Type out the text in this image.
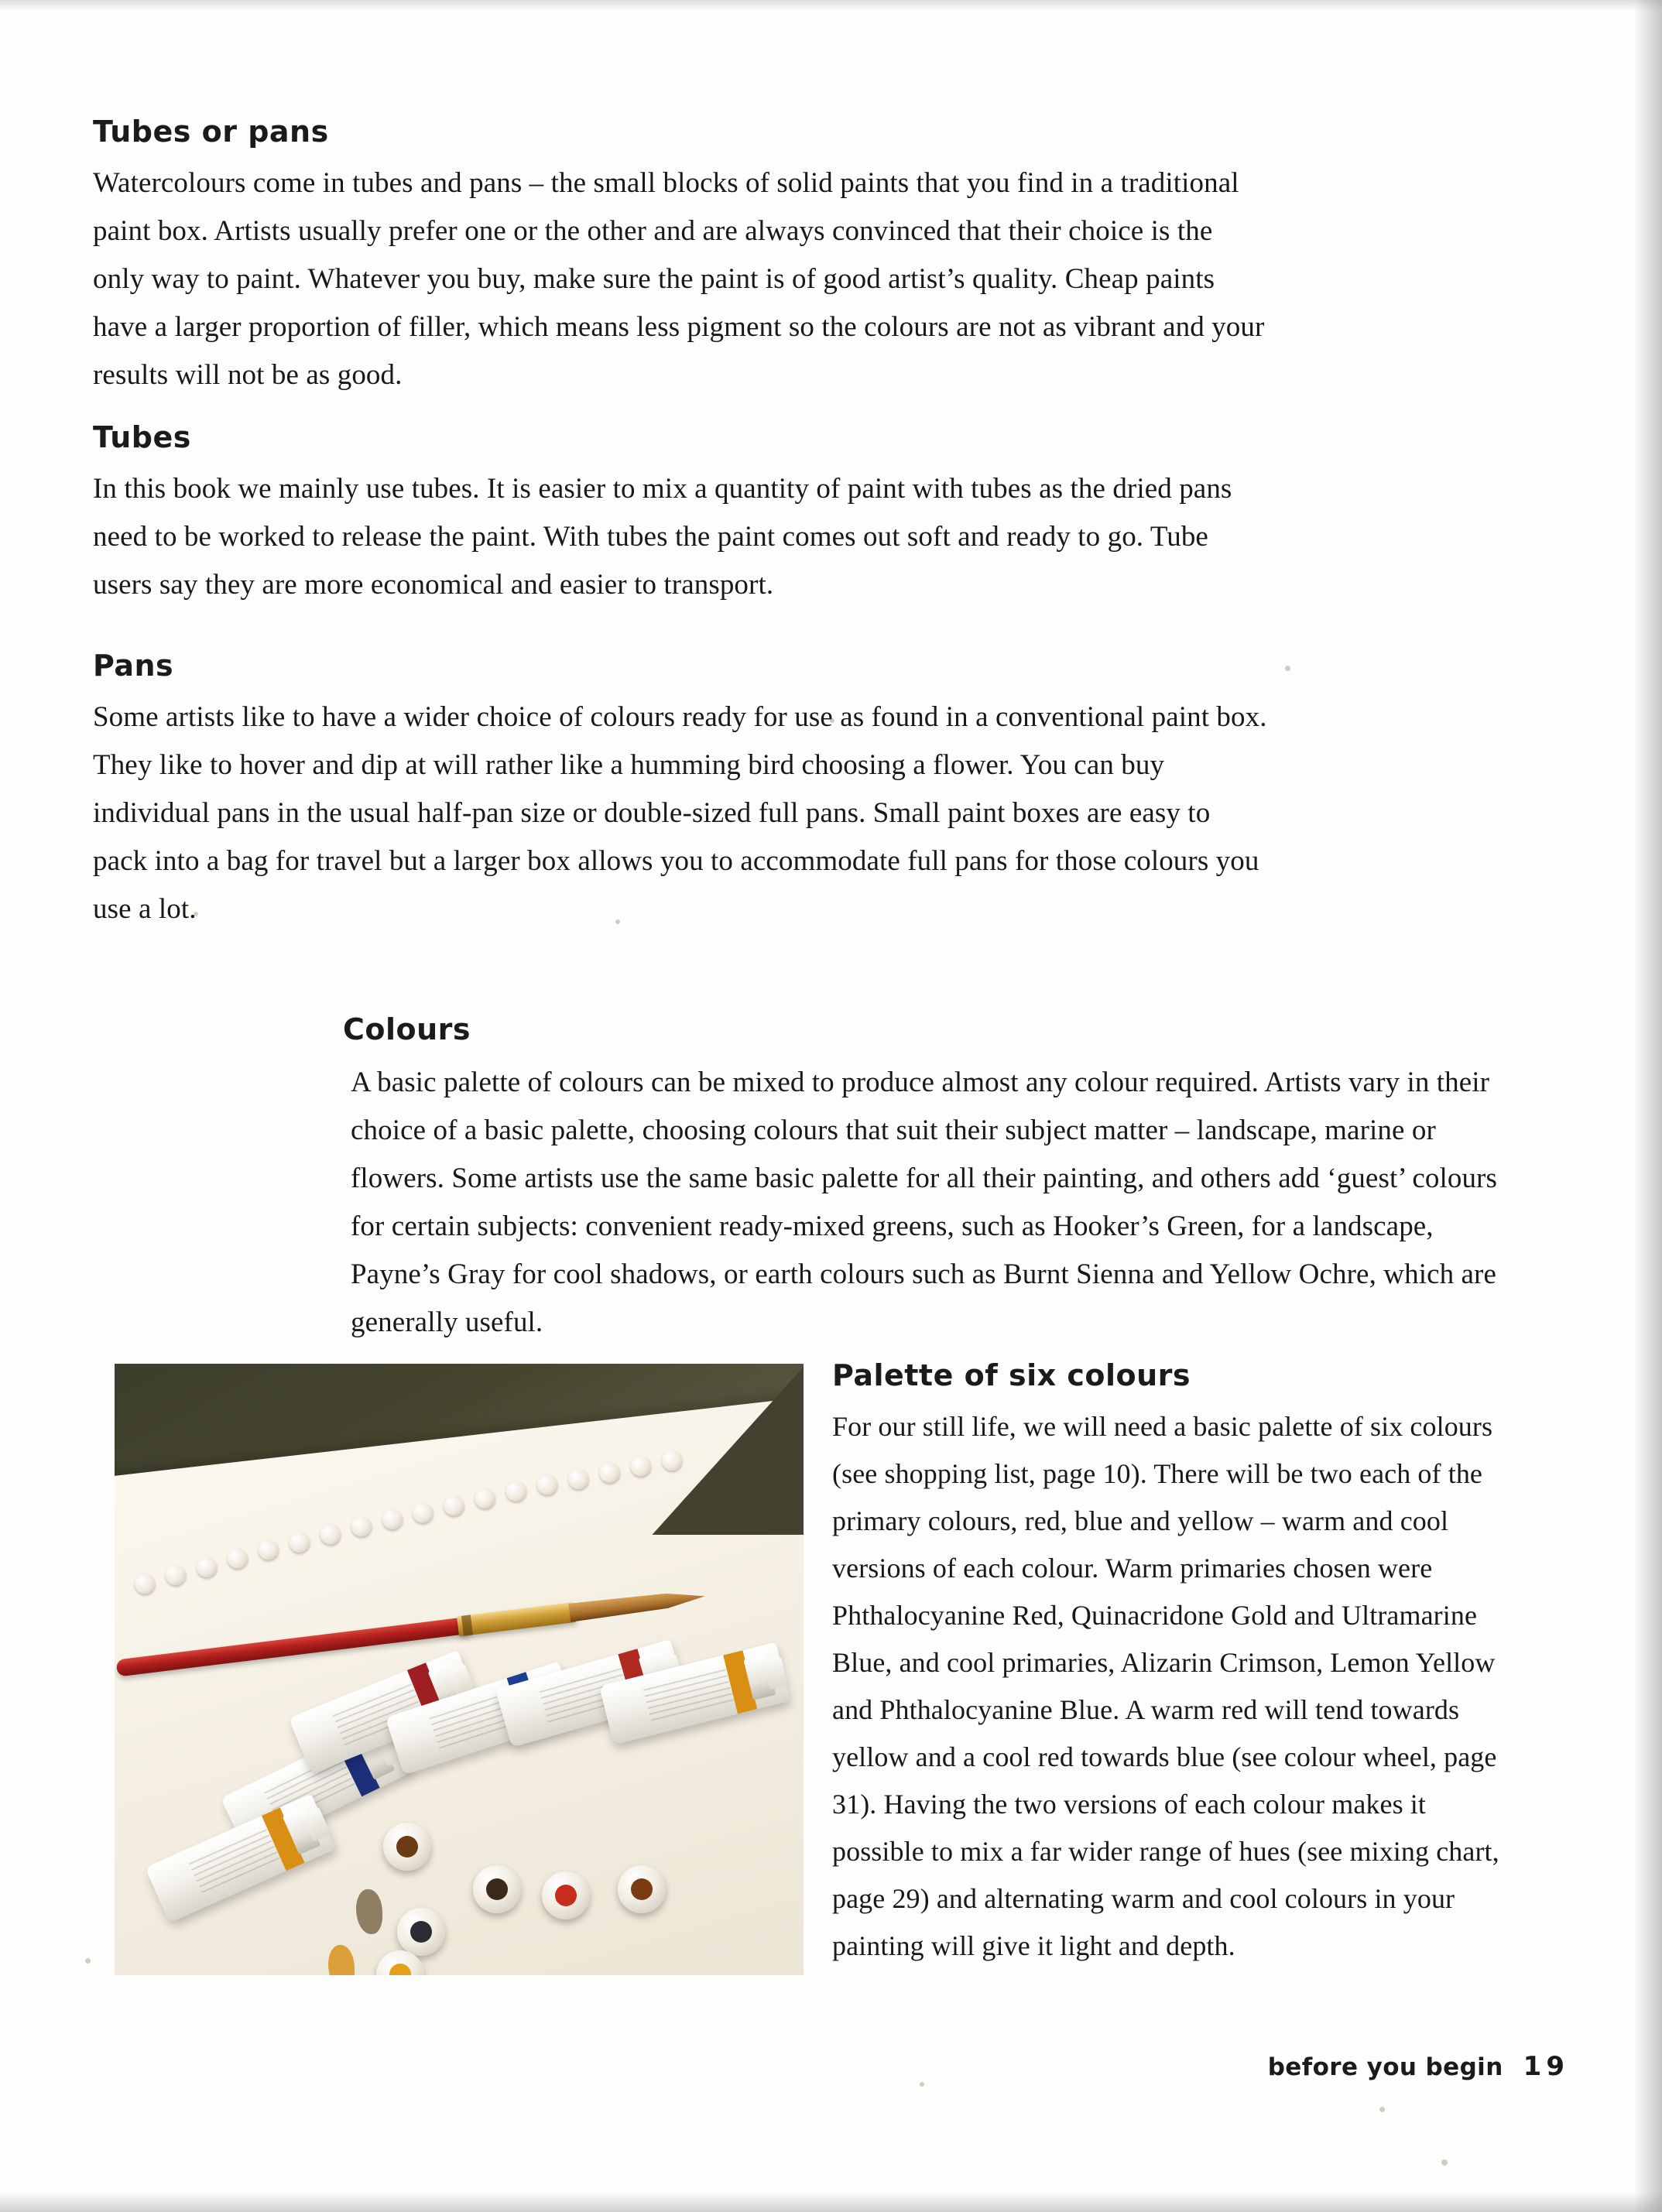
Tubes or pans

Watercolours come in tubes and pans – the small blocks of solid paints that you find in a traditional paint box. Artists usually prefer one or the other and are always convinced that their choice is the only way to paint. Whatever you buy, make sure the paint is of good artist’s quality. Cheap paints have a larger proportion of filler, which means less pigment so the colours are not as vibrant and your results will not be as good.

Tubes

In this book we mainly use tubes. It is easier to mix a quantity of paint with tubes as the dried pans need to be worked to release the paint. With tubes the paint comes out soft and ready to go. Tube users say they are more economical and easier to transport.

Pans

Some artists like to have a wider choice of colours ready for use as found in a conventional paint box. They like to hover and dip at will rather like a humming bird choosing a flower. You can buy individual pans in the usual half-pan size or double-sized full pans. Small paint boxes are easy to pack into a bag for travel but a larger box allows you to accommodate full pans for those colours you use a lot.

Colours

A basic palette of colours can be mixed to produce almost any colour required. Artists vary in their choice of a basic palette, choosing colours that suit their subject matter – landscape, marine or flowers. Some artists use the same basic palette for all their painting, and others add ‘guest’ colours for certain subjects: convenient ready-mixed greens, such as Hooker’s Green, for a landscape, Payne’s Gray for cool shadows, or earth colours such as Burnt Sienna and Yellow Ochre, which are generally useful.

Palette of six colours

For our still life, we will need a basic palette of six colours (see shopping list, page 10). There will be two each of the primary colours, red, blue and yellow – warm and cool versions of each colour. Warm primaries chosen were Phthalocyanine Red, Quinacridone Gold and Ultramarine Blue, and cool primaries, Alizarin Crimson, Lemon Yellow and Phthalocyanine Blue. A warm red will tend towards yellow and a cool red towards blue (see colour wheel, page 31). Having the two versions of each colour makes it possible to mix a far wider range of hues (see mixing chart, page 29) and alternating warm and cool colours in your painting will give it light and depth.

before you begin 19
